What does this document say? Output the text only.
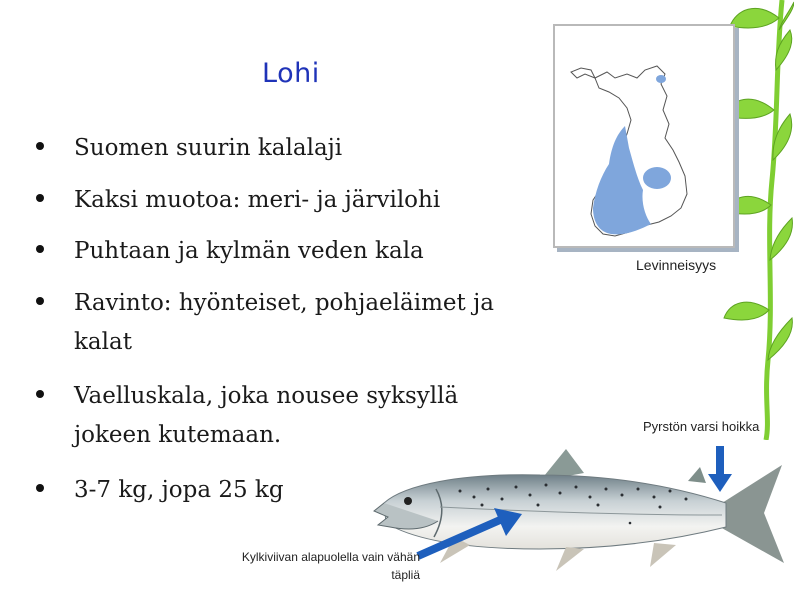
Lohi
Suomen suurin kalalaji
Kaksi muotoa: meri- ja järvilohi
Puhtaan ja kylmän veden kala
Ravinto: hyönteiset, pohjaeläimet ja kalat
Vaelluskala, joka nousee syksyllä jokeen kutemaan.
3-7 kg, jopa 25 kg
Levinneisyys
Pyrstön varsi hoikka
Kylkiviivan alapuolella vain vähän täpliä
